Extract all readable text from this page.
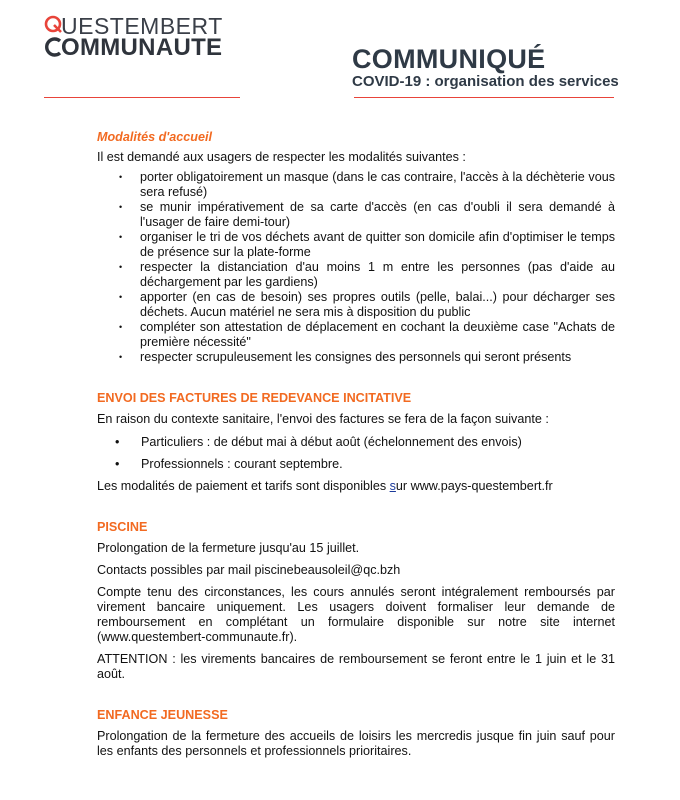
UESTEMBERT
OMMUNAUTE	COMMUNIQUÉ
COVID-19 : organisation des services
Modalités d'accueil

Il est demandé aux usagers de respecter les modalités suivantes :

• porter obligatoirement un masque (dans le cas contraire, l'accès à la déchèterie vous sera refusé)
• se munir impérativement de sa carte d'accès (en cas d'oubli il sera demandé à l'usager de faire demi-tour)
• organiser le tri de vos déchets avant de quitter son domicile afin d'optimiser le temps de présence sur la plate-forme
• respecter la distanciation d'au moins 1 m entre les personnes (pas d'aide au déchargement par les gardiens)
• apporter (en cas de besoin) ses propres outils (pelle, balai...) pour décharger ses déchets. Aucun matériel ne sera mis à disposition du public
• compléter son attestation de déplacement en cochant la deuxième case "Achats de première nécessité"
• respecter scrupuleusement les consignes des personnels qui seront présents
ENVOI DES FACTURES DE REDEVANCE INCITATIVE

En raison du contexte sanitaire, l'envoi des factures se fera de la façon suivante :

• Particuliers : de début mai à début août (échelonnement des envois)
• Professionnels : courant septembre.

Les modalités de paiement et tarifs sont disponibles sur www.pays-questembert.fr

PISCINE

Prolongation de la fermeture jusqu'au 15 juillet.

Contacts possibles par mail piscinebeausoleil@qc.bzh

Compte tenu des circonstances, les cours annulés seront intégralement remboursés par virement bancaire uniquement. Les usagers doivent formaliser leur demande de remboursement en complétant un formulaire disponible sur notre site internet (www.questembert-communaute.fr).

ATTENTION : les virements bancaires de remboursement se feront entre le 1 juin et le 31 août.

ENFANCE JEUNESSE

Prolongation de la fermeture des accueils de loisirs les mercredis jusque fin juin sauf pour les enfants des personnels et professionnels prioritaires.
